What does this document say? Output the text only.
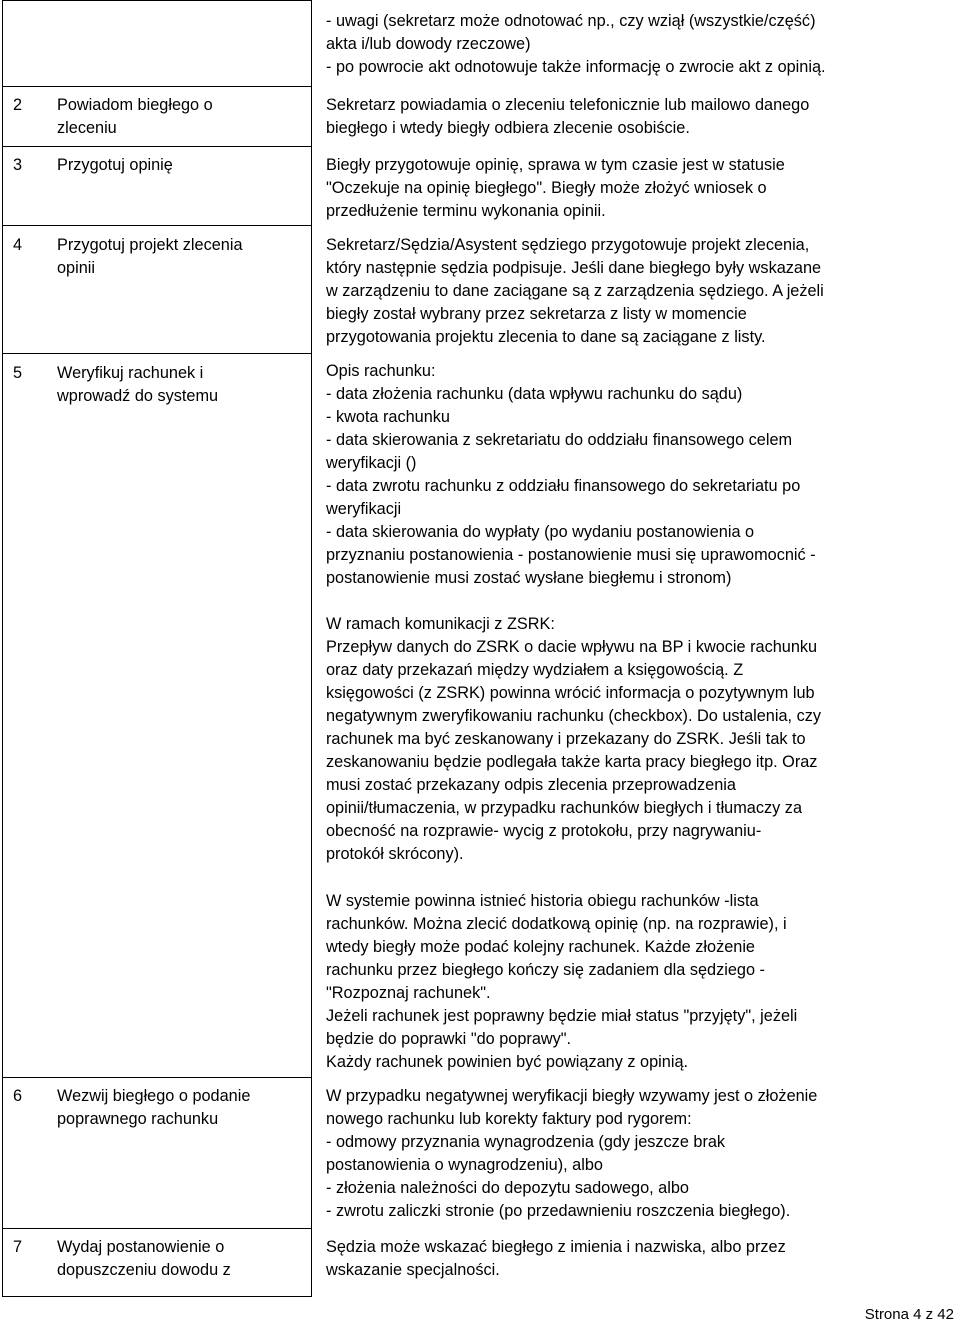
- uwagi (sekretarz może odnotować np., czy wziął (wszystkie/część)
akta i/lub dowody rzeczowe)
- po powrocie akt odnotowuje także informację o zwrocie akt z opinią.
2 Powiadom biegłego o
zleceniu
Sekretarz powiadamia o zleceniu telefonicznie lub mailowo danego
biegłego i wtedy biegły odbiera zlecenie osobiście.
3 Przygotuj opinię	Biegły przygotowuje opinię, sprawa w tym czasie jest w statusie
"Oczekuje na opinię biegłego". Biegły może złożyć wniosek o
przedłużenie terminu wykonania opinii.
4 Przygotuj projekt zlecenia
opinii
Sekretarz/Sędzia/Asystent sędziego przygotowuje projekt zlecenia,
który następnie sędzia podpisuje. Jeśli dane biegłego były wskazane
w zarządzeniu to dane zaciągane są z zarządzenia sędziego. A jeżeli
biegły został wybrany przez sekretarza z listy w momencie
przygotowania projektu zlecenia to dane są zaciągane z listy.
5 Weryfikuj rachunek i
wprowadź do systemu
Opis rachunku:
- data złożenia rachunku (data wpływu rachunku do sądu)
- kwota rachunku
- data skierowania z sekretariatu do oddziału finansowego celem
weryfikacji ()
- data zwrotu rachunku z oddziału finansowego do sekretariatu po
weryfikacji
- data skierowania do wypłaty (po wydaniu postanowienia o
przyznaniu postanowienia - postanowienie musi się uprawomocnić -
postanowienie musi zostać wysłane biegłemu i stronom)
W ramach komunikacji z ZSRK:
Przepływ danych do ZSRK o dacie wpływu na BP i kwocie rachunku
oraz daty przekazań między wydziałem a księgowością. Z
księgowości (z ZSRK) powinna wrócić informacja o pozytywnym lub
negatywnym zweryfikowaniu rachunku (checkbox). Do ustalenia, czy
rachunek ma być zeskanowany i przekazany do ZSRK. Jeśli tak to
zeskanowaniu będzie podlegała także karta pracy biegłego itp. Oraz
musi zostać przekazany odpis zlecenia przeprowadzenia
opinii/tłumaczenia, w przypadku rachunków biegłych i tłumaczy za
obecność na rozprawie- wycig z protokołu, przy nagrywaniu-
protokół skrócony).
W systemie powinna istnieć historia obiegu rachunków -lista
rachunków. Można zlecić dodatkową opinię (np. na rozprawie), i
wtedy biegły może podać kolejny rachunek. Każde złożenie
rachunku przez biegłego kończy się zadaniem dla sędziego -
"Rozpoznaj rachunek".
Jeżeli rachunek jest poprawny będzie miał status "przyjęty", jeżeli
będzie do poprawki "do poprawy".
Każdy rachunek powinien być powiązany z opinią.
6 Wezwij biegłego o podanie
poprawnego rachunku
W przypadku negatywnej weryfikacji biegły wzywamy jest o złożenie
nowego rachunku lub korekty faktury pod rygorem:
- odmowy przyznania wynagrodzenia (gdy jeszcze brak
postanowienia o wynagrodzeniu), albo
- złożenia należności do depozytu sadowego, albo
- zwrotu zaliczki stronie (po przedawnieniu roszczenia biegłego).
7 Wydaj postanowienie o
dopuszczeniu dowodu z
Sędzia może wskazać biegłego z imienia i nazwiska, albo przez
wskazanie specjalności.
Strona 4 z 42
